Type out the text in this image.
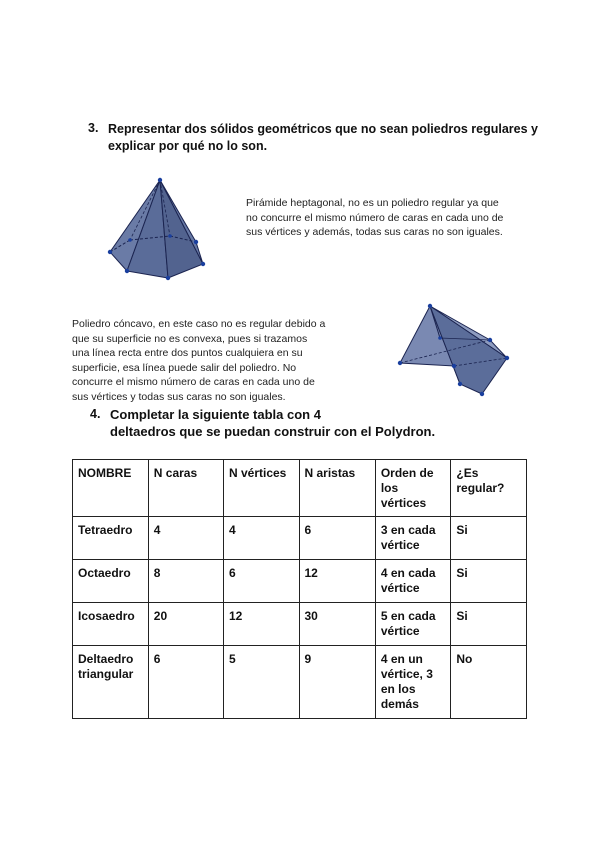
3. Representar dos sólidos geométricos que no sean poliedros regulares y
explicar por qué no lo son.
Pirámide heptagonal, no es un poliedro regular ya que
no concurre el mismo número de caras en cada uno de
sus vértices y además, todas sus caras no son iguales.
Poliedro cóncavo, en este caso no es regular debido a
que su superficie no es convexa, pues si trazamos
una línea recta entre dos puntos cualquiera en su
superficie, esa línea puede salir del poliedro. No
concurre el mismo número de caras en cada uno de
sus vértices y todas sus caras no son iguales.
4. Completar la siguiente tabla con 4
deltaedros que se puedan construir con el Polydron.
NOMBRE	N caras	N vértices	N aristas	Orden de los vértices	¿Es regular?
Tetraedro	4	4	6	3 en cada vértice	Si
Octaedro	8	6	12	4 en cada vértice	Si
Icosaedro	20	12	30	5 en cada vértice	Si
Deltaedro triangular	6	5	9	4 en un vértice, 3 en los demás	No
